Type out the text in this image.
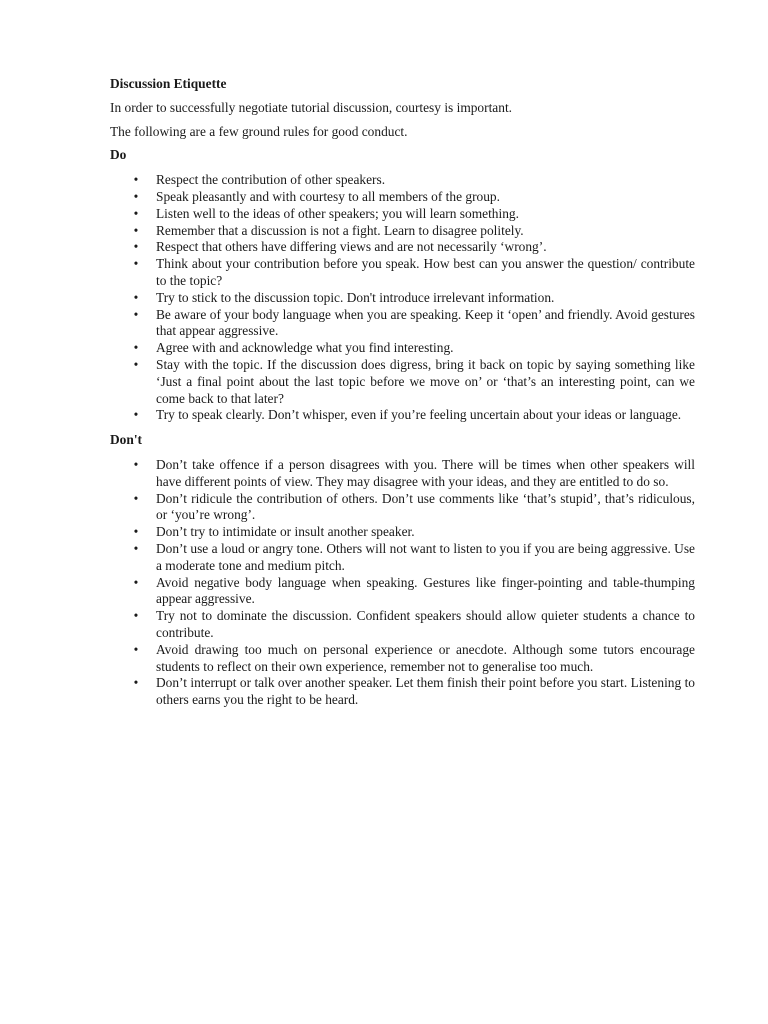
Discussion Etiquette

In order to successfully negotiate tutorial discussion, courtesy is important.

The following are a few ground rules for good conduct.

Do

• Respect the contribution of other speakers.
• Speak pleasantly and with courtesy to all members of the group.
• Listen well to the ideas of other speakers; you will learn something.
• Remember that a discussion is not a fight. Learn to disagree politely.
• Respect that others have differing views and are not necessarily ‘wrong’.
• Think about your contribution before you speak. How best can you answer the question/ contribute to the topic?
• Try to stick to the discussion topic. Don't introduce irrelevant information.
• Be aware of your body language when you are speaking. Keep it ‘open’ and friendly. Avoid gestures that appear aggressive.
• Agree with and acknowledge what you find interesting.
• Stay with the topic. If the discussion does digress, bring it back on topic by saying something like ‘Just a final point about the last topic before we move on’ or ‘that’s an interesting point, can we come back to that later?
• Try to speak clearly. Don’t whisper, even if you’re feeling uncertain about your ideas or language.

Don't

• Don’t take offence if a person disagrees with you. There will be times when other speakers will have different points of view. They may disagree with your ideas, and they are entitled to do so.
• Don’t ridicule the contribution of others. Don’t use comments like ‘that’s stupid’, that’s ridiculous, or ‘you’re wrong’.
• Don’t try to intimidate or insult another speaker.
• Don’t use a loud or angry tone. Others will not want to listen to you if you are being aggressive. Use a moderate tone and medium pitch.
• Avoid negative body language when speaking. Gestures like finger-pointing and table-thumping appear aggressive.
• Try not to dominate the discussion. Confident speakers should allow quieter students a chance to contribute.
• Avoid drawing too much on personal experience or anecdote. Although some tutors encourage students to reflect on their own experience, remember not to generalise too much.
• Don’t interrupt or talk over another speaker. Let them finish their point before you start. Listening to others earns you the right to be heard.
